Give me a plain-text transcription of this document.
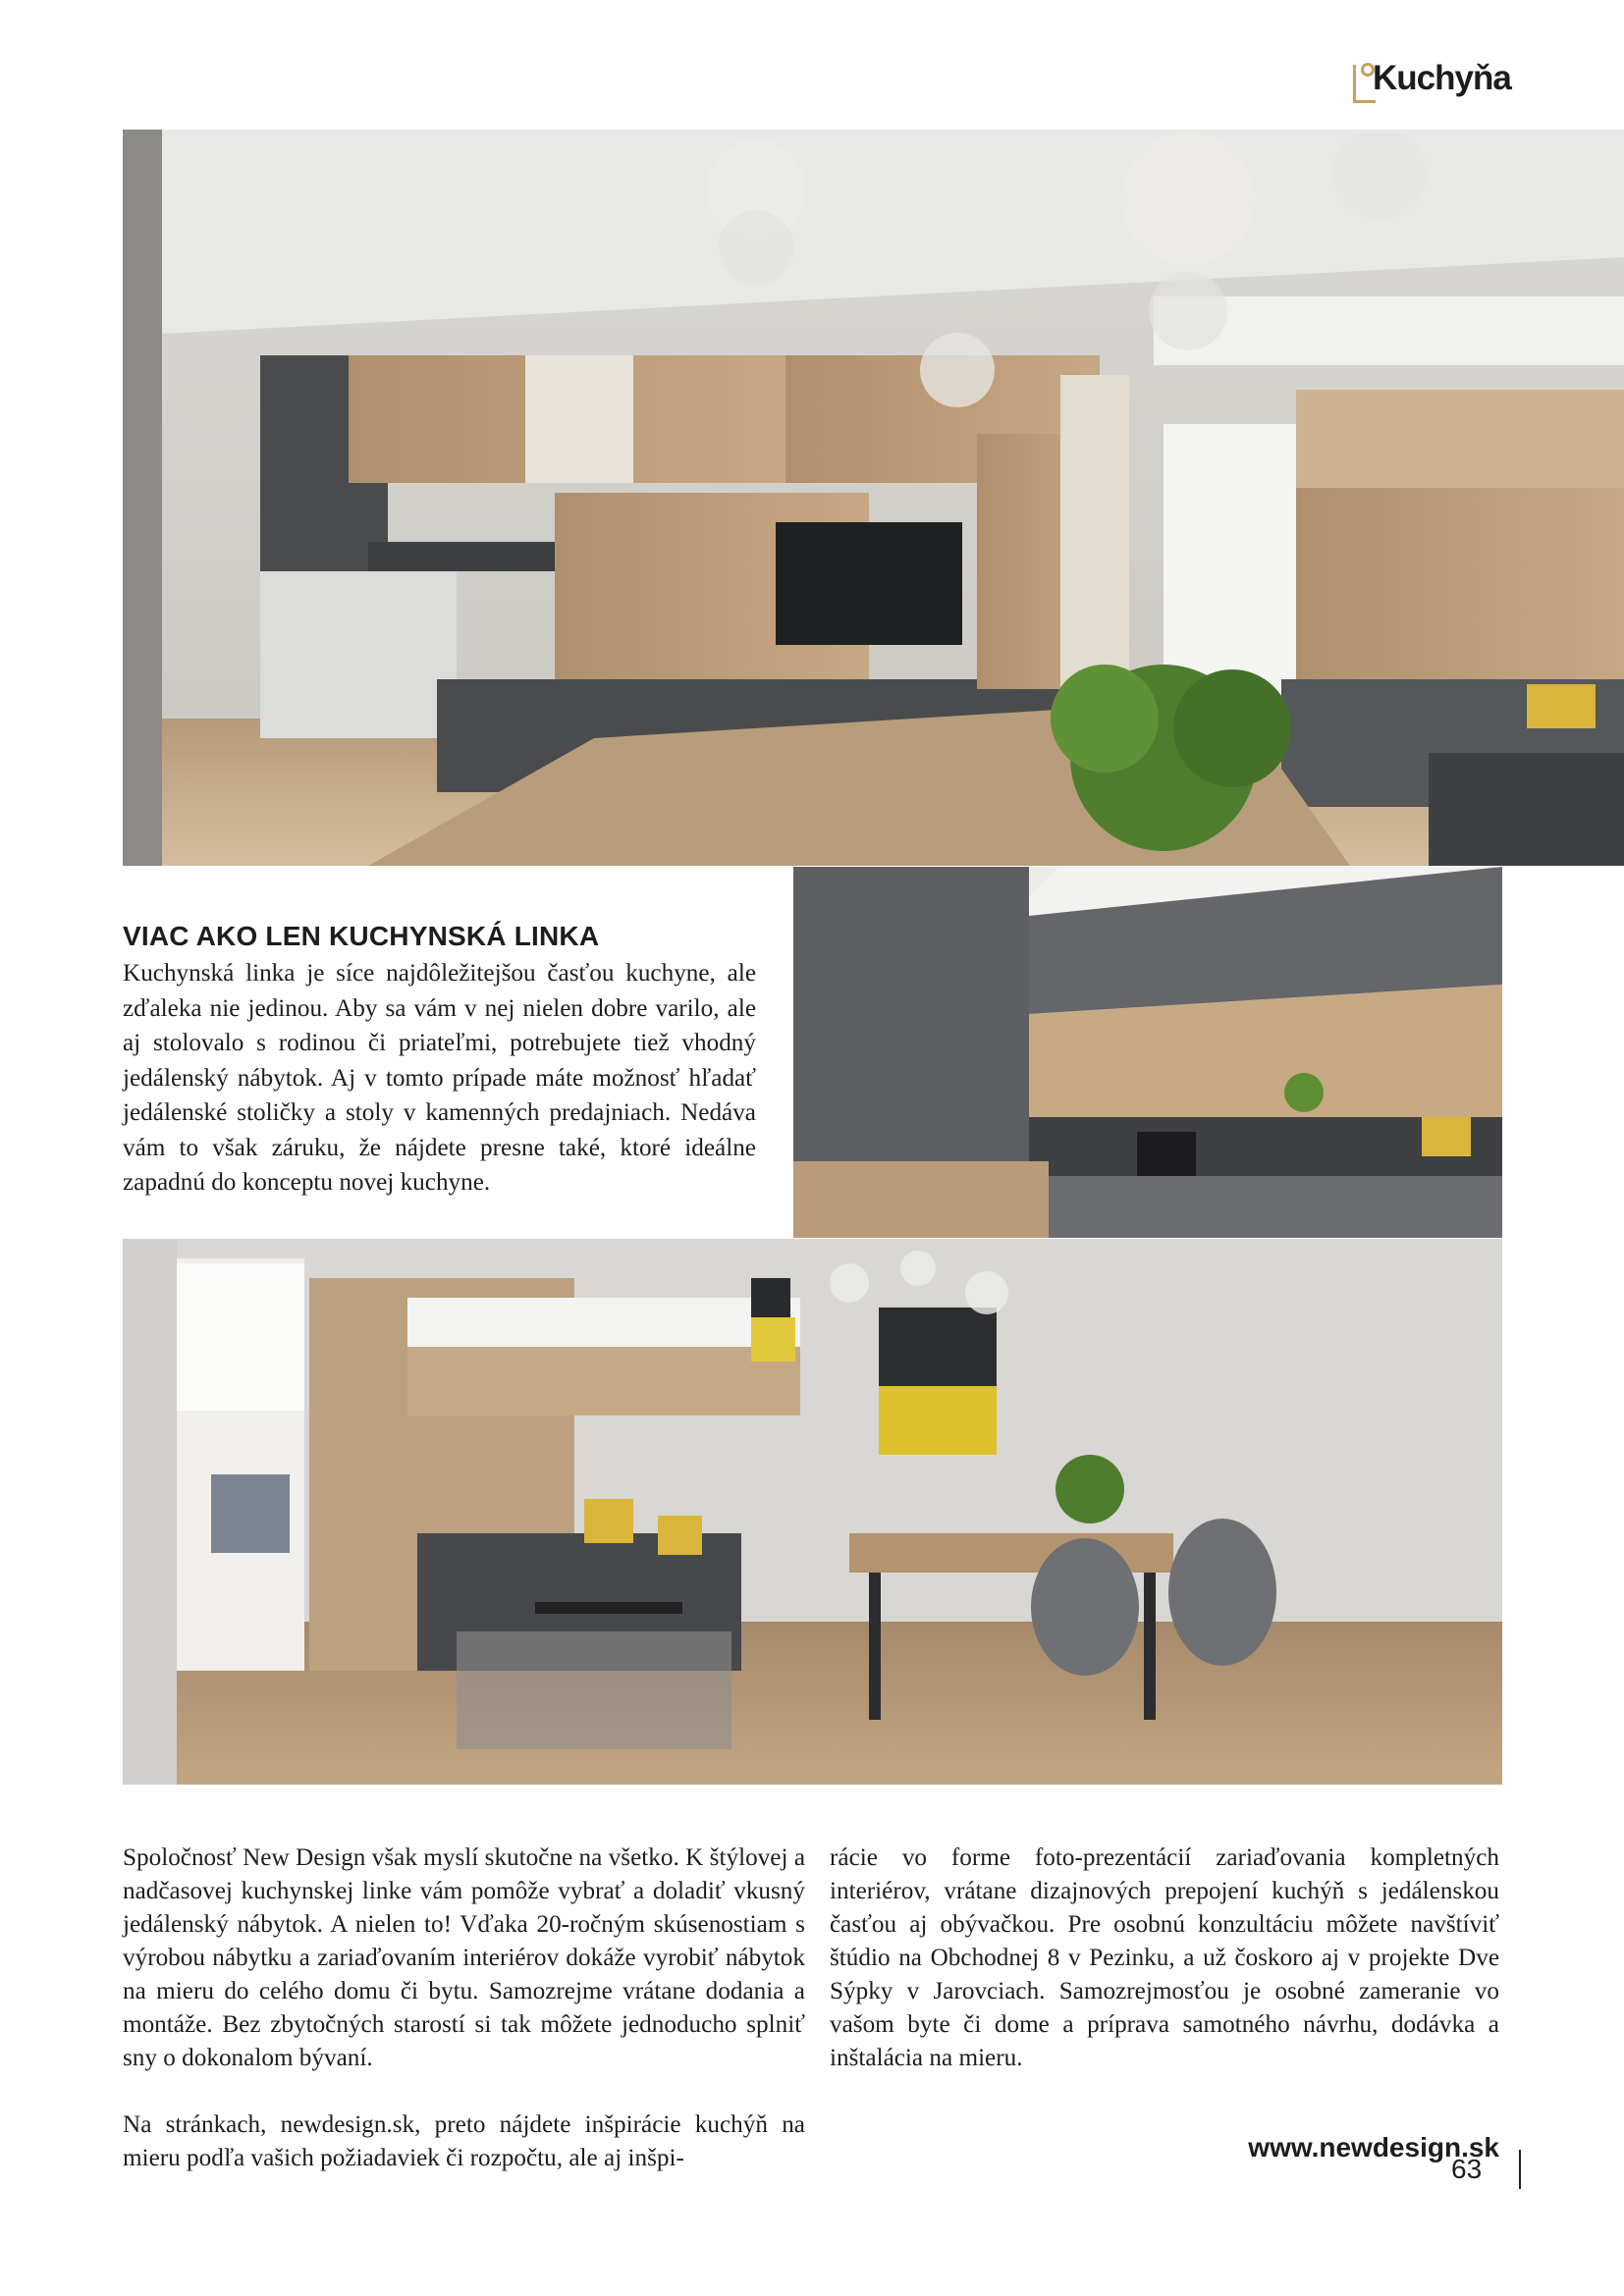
Kuchyňa
VIAC AKO LEN KUCHYNSKÁ LINKA

Kuchynská linka je síce najdôležitejšou časťou kuchyne, ale zďaleka nie jedinou. Aby sa vám v nej nielen dobre varilo, ale aj stolovalo s rodinou či priateľmi, potrebujete tiež vhodný jedálenský nábytok. Aj v tomto prípade máte možnosť hľadať jedálenské stoličky a stoly v kamenných predajniach. Nedáva vám to však záruku, že nájdete presne také, ktoré ideálne zapadnú do konceptu novej kuchyne.

Spoločnosť New Design však myslí skutočne na všetko. K štýlovej a nadčasovej kuchynskej linke vám pomôže vybrať a doladiť vkusný jedálenský nábytok. A nielen to! Vďaka 20-ročným skúsenostiam s výrobou nábytku a zariaďovaním interiérov dokáže vyrobiť nábytok na mieru do celého domu či bytu. Samozrejme vrátane dodania a montáže. Bez zbytočných starostí si tak môžete jednoducho splniť sny o dokonalom bývaní.

Na stránkach, newdesign.sk, preto nájdete inšpirácie kuchýň na mieru podľa vašich požiadaviek či rozpočtu, ale aj inšpi-

rácie vo forme foto-prezentácií zariaďovania kompletných interiérov, vrátane dizajnových prepojení kuchýň s jedálenskou časťou aj obývačkou. Pre osobnú konzultáciu môžete navštíviť štúdio na Obchodnej 8 v Pezinku, a už čoskoro aj v projekte Dve Sýpky v Jarovciach. Samozrejmosťou je osobné zameranie vo vašom byte či dome a príprava samotného návrhu, dodávka a inštalácia na mieru.

www.newdesign.sk
63
